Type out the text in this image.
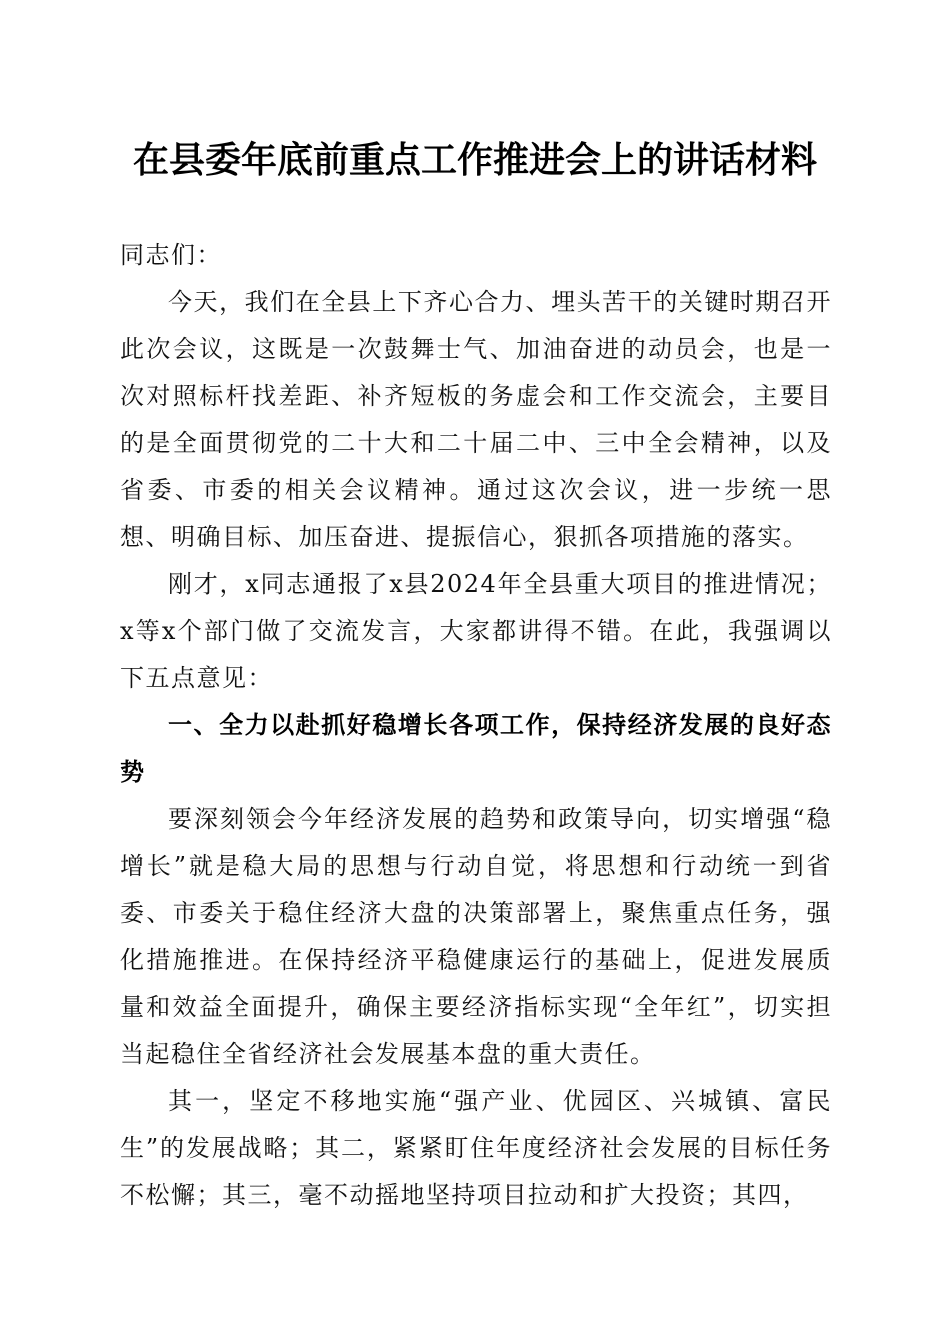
在县委年底前重点工作推进会上的讲话材料

同志们：

今天，我们在全县上下齐心合力、埋头苦干的关键时期召开此次会议，这既是一次鼓舞士气、加油奋进的动员会，也是一次对照标杆找差距、补齐短板的务虚会和工作交流会，主要目的是全面贯彻党的二十大和二十届二中、三中全会精神，以及省委、市委的相关会议精神。通过这次会议，进一步统一思想、明确目标、加压奋进、提振信心，狠抓各项措施的落实。

刚才，x同志通报了x县2024年全县重大项目的推进情况；x等x个部门做了交流发言，大家都讲得不错。在此，我强调以下五点意见：

一、全力以赴抓好稳增长各项工作，保持经济发展的良好态势

要深刻领会今年经济发展的趋势和政策导向，切实增强“稳增长”就是稳大局的思想与行动自觉，将思想和行动统一到省委、市委关于稳住经济大盘的决策部署上，聚焦重点任务，强化措施推进。在保持经济平稳健康运行的基础上，促进发展质量和效益全面提升，确保主要经济指标实现“全年红”，切实担当起稳住全省经济社会发展基本盘的重大责任。

其一，坚定不移地实施“强产业、优园区、兴城镇、富民生”的发展战略；其二，紧紧盯住年度经济社会发展的目标任务不松懈；其三，毫不动摇地坚持项目拉动和扩大投资；其四，
